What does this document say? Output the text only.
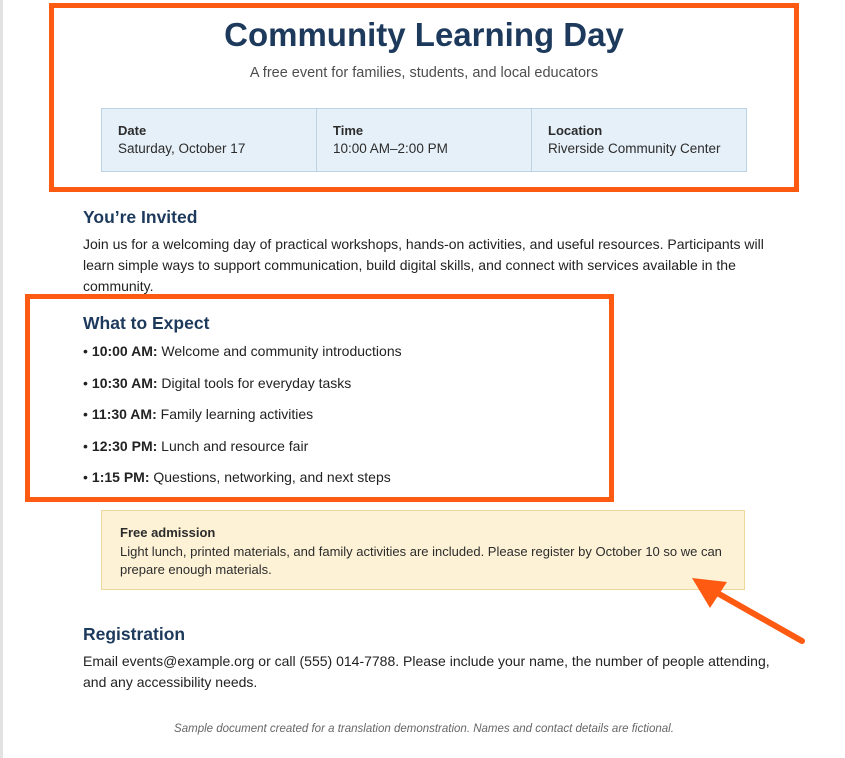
Community Learning Day
A free event for families, students, and local educators
Date
Saturday, October 17
Time
10:00 AM–2:00 PM
Location
Riverside Community Center
You’re Invited
Join us for a welcoming day of practical workshops, hands-on activities, and useful resources. Participants will learn simple ways to support communication, build digital skills, and connect with services available in the community.
What to Expect
• 10:00 AM: Welcome and community introductions
• 10:30 AM: Digital tools for everyday tasks
• 11:30 AM: Family learning activities
• 12:30 PM: Lunch and resource fair
• 1:15 PM: Questions, networking, and next steps
Free admission
Light lunch, printed materials, and family activities are included. Please register by October 10 so we can prepare enough materials.
Registration
Email events@example.org or call (555) 014-7788. Please include your name, the number of people attending, and any accessibility needs.
Sample document created for a translation demonstration. Names and contact details are fictional.
